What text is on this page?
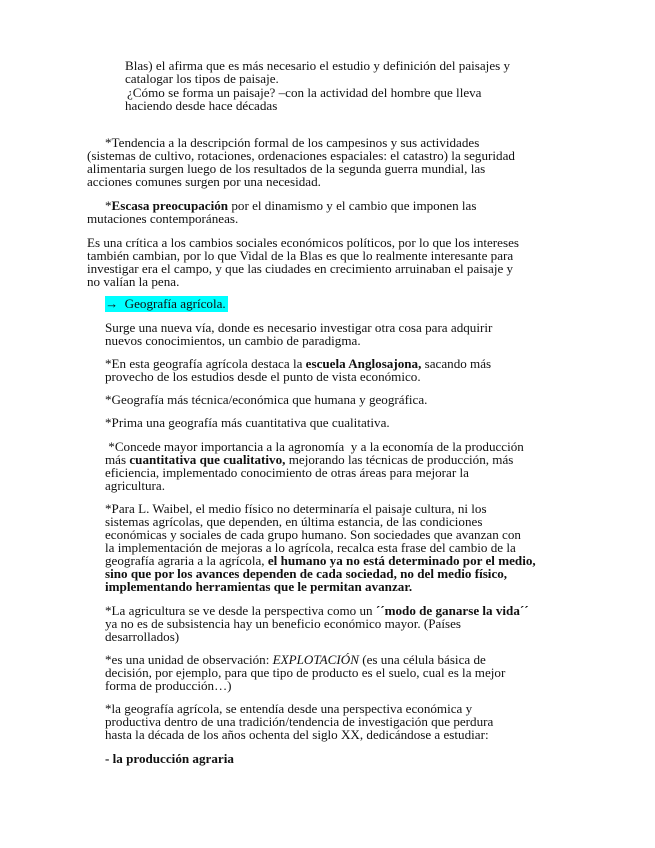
Blas) el afirma que es más necesario el estudio y definición del paisajes y
catalogar los tipos de paisaje.
¿Cómo se forma un paisaje? –con la actividad del hombre que lleva
haciendo desde hace décadas
*Tendencia a la descripción formal de los campesinos y sus actividades
(sistemas de cultivo, rotaciones, ordenaciones espaciales: el catastro) la seguridad
alimentaria surgen luego de los resultados de la segunda guerra mundial, las
acciones comunes surgen por una necesidad.
*Escasa preocupación por el dinamismo y el cambio que imponen las
mutaciones contemporáneas.
Es una crítica a los cambios sociales económicos políticos, por lo que los intereses
también cambian, por lo que Vidal de la Blas es que lo realmente interesante para
investigar era el campo, y que las ciudades en crecimiento arruinaban el paisaje y
no valían la pena.
→ Geografía agrícola.
Surge una nueva vía, donde es necesario investigar otra cosa para adquirir
nuevos conocimientos, un cambio de paradigma.
*En esta geografía agrícola destaca la escuela Anglosajona, sacando más
provecho de los estudios desde el punto de vista económico.
*Geografía más técnica/económica que humana y geográfica.
*Prima una geografía más cuantitativa que cualitativa.
*Concede mayor importancia a la agronomía  y a la economía de la producción
más cuantitativa que cualitativo, mejorando las técnicas de producción, más
eficiencia, implementado conocimiento de otras áreas para mejorar la
agricultura.
*Para L. Waibel, el medio físico no determinaría el paisaje cultura, ni los
sistemas agrícolas, que dependen, en última estancia, de las condiciones
económicas y sociales de cada grupo humano. Son sociedades que avanzan con
la implementación de mejoras a lo agrícola, recalca esta frase del cambio de la
geografía agraria a la agrícola, el humano ya no está determinado por el medio,
sino que por los avances dependen de cada sociedad, no del medio físico,
implementando herramientas que le permitan avanzar.
*La agricultura se ve desde la perspectiva como un ´´modo de ganarse la vida´´
ya no es de subsistencia hay un beneficio económico mayor. (Países
desarrollados)
*es una unidad de observación: EXPLOTACIÓN (es una célula básica de
decisión, por ejemplo, para que tipo de producto es el suelo, cual es la mejor
forma de producción…)
*la geografía agrícola, se entendía desde una perspectiva económica y
productiva dentro de una tradición/tendencia de investigación que perdura
hasta la década de los años ochenta del siglo XX, dedicándose a estudiar:
- la producción agraria
